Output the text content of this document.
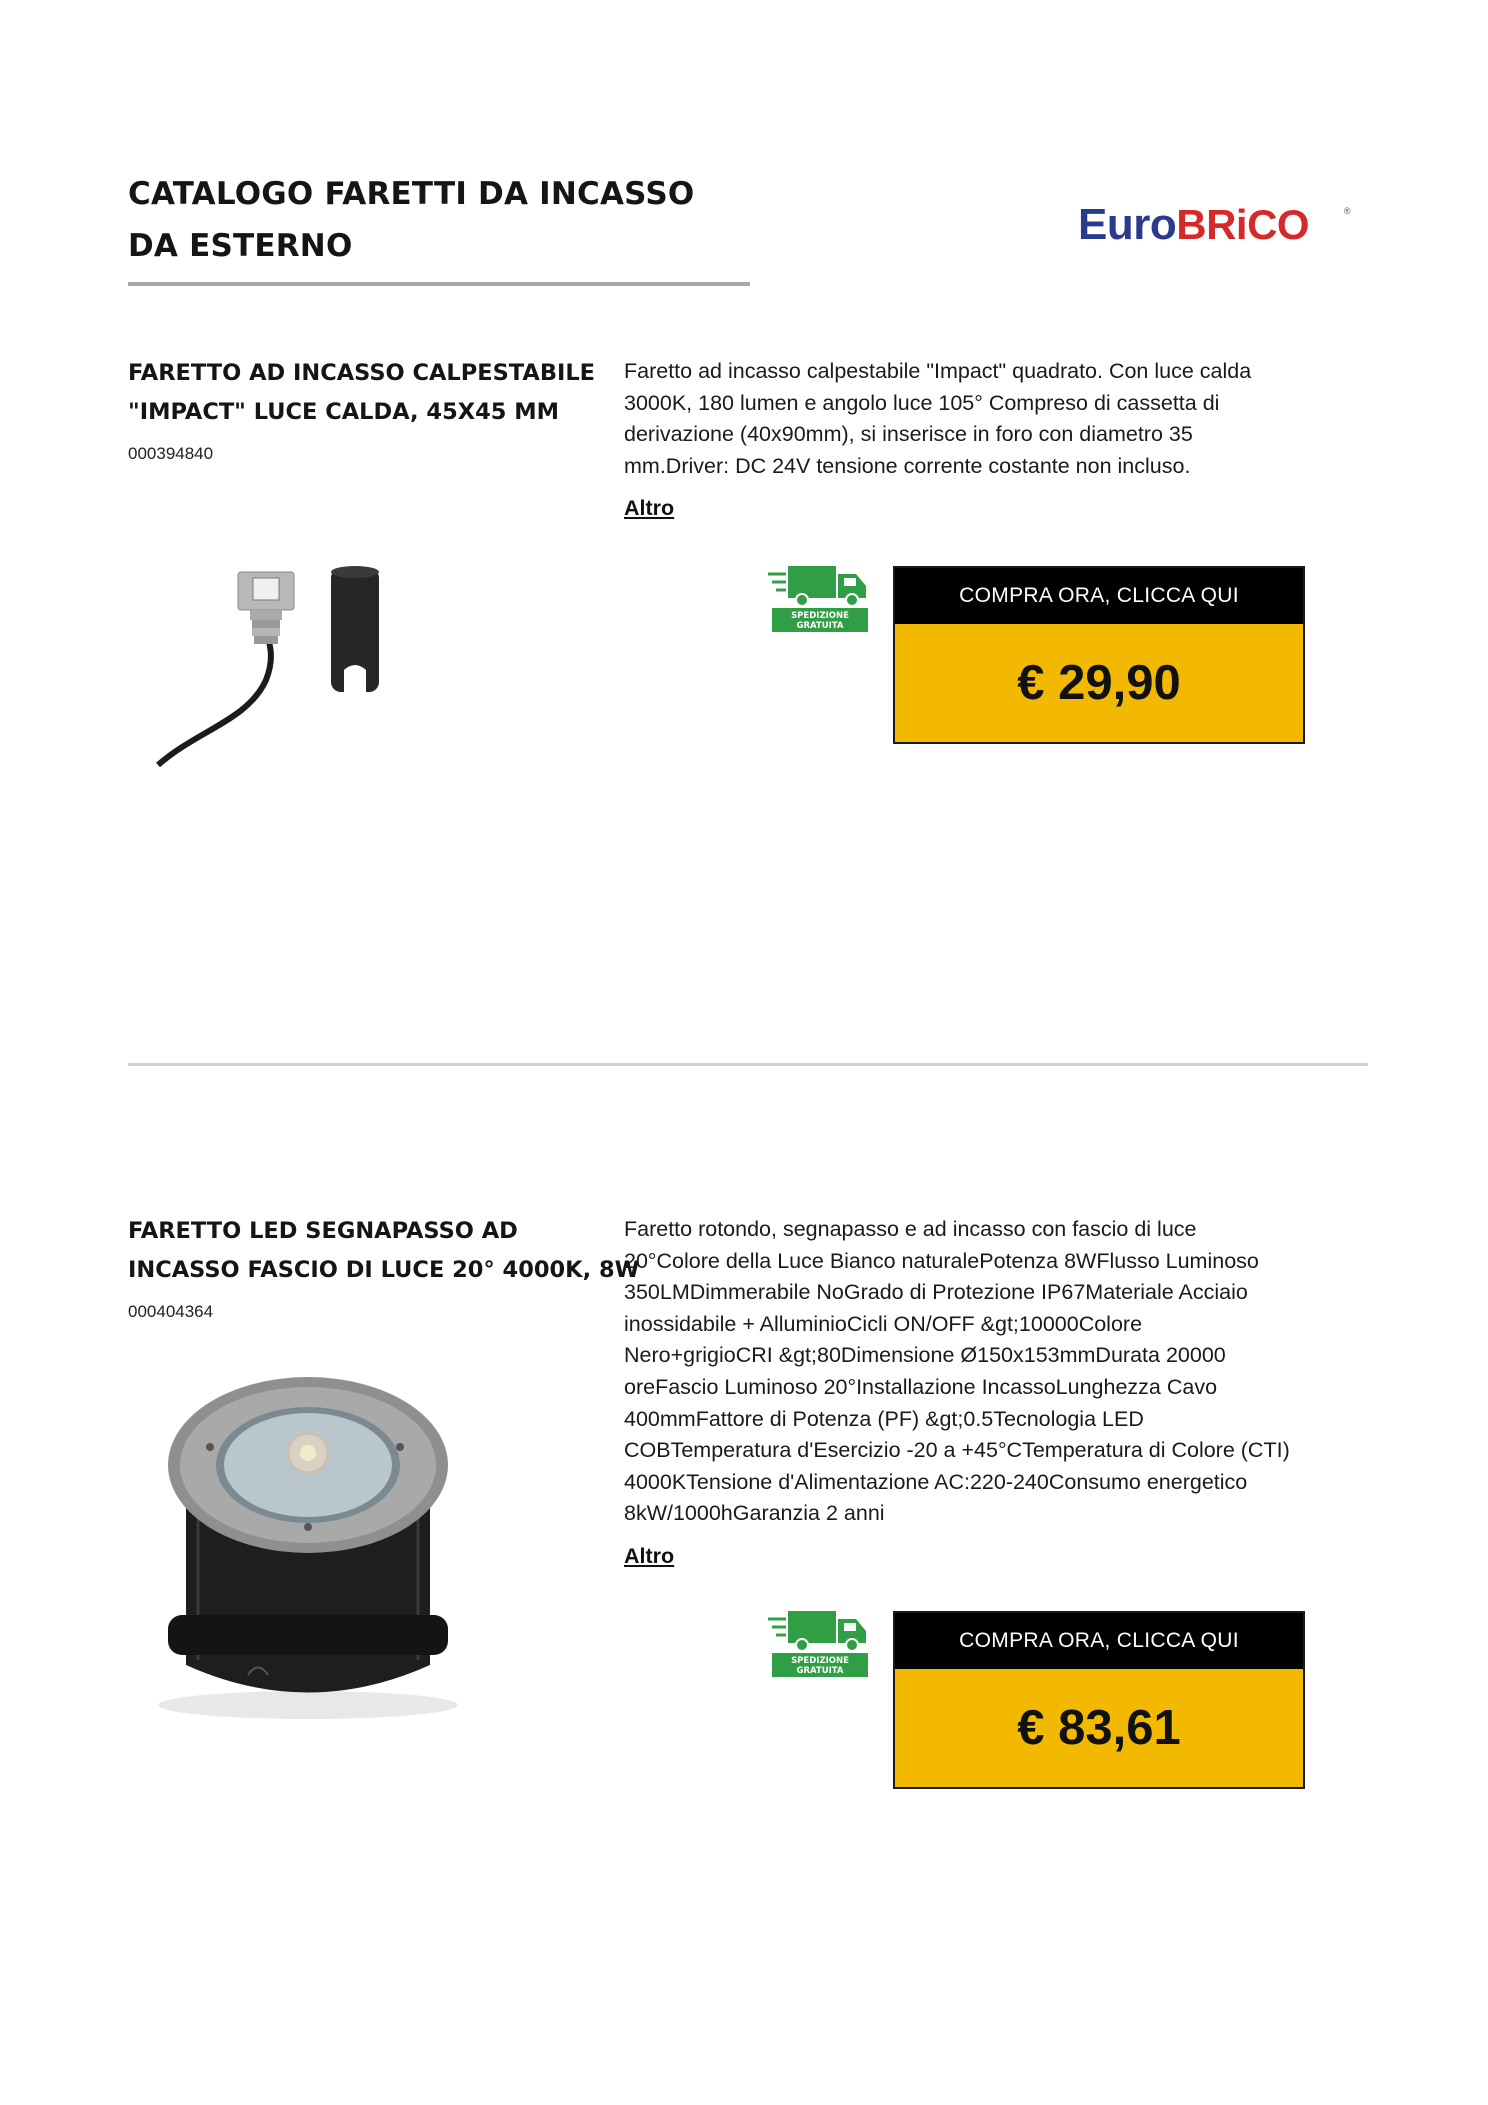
CATALOGO FARETTI DA INCASSO
DA ESTERNO	EuroBRiCO	®
FARETTO AD INCASSO CALPESTABILE
"IMPACT" LUCE CALDA, 45X45 MM
000394840

Faretto ad incasso calpestabile "Impact" quadrato. Con luce calda 3000K, 180 lumen e angolo luce 105° Compreso di cassetta di derivazione (40x90mm), si inserisce in foro con diametro 35 mm.Driver: DC 24V tensione corrente costante non incluso.

Altro
SPEDIZIONE
GRATUITA
COMPRA ORA, CLICCA QUI
€ 29,90
FARETTO LED SEGNAPASSO AD
INCASSO FASCIO DI LUCE 20° 4000K, 8W
000404364

Faretto rotondo, segnapasso e ad incasso con fascio di luce 20°Colore della Luce Bianco naturalePotenza 8WFlusso Luminoso 350LMDimmerabile NoGrado di Protezione IP67Materiale Acciaio inossidabile + AlluminioCicli ON/OFF &gt;10000Colore Nero+grigioCRI &gt;80Dimensione Ø150x153mmDurata 20000 oreFascio Luminoso 20°Installazione IncassoLunghezza Cavo 400mmFattore di Potenza (PF) &gt;0.5Tecnologia LED COBTemperatura d'Esercizio -20 a +45°CTemperatura di Colore (CTI) 4000KTensione d'Alimentazione AC:220-240Consumo energetico 8kW/1000hGaranzia 2 anni

Altro
SPEDIZIONE
GRATUITA
COMPRA ORA, CLICCA QUI
€ 83,61
